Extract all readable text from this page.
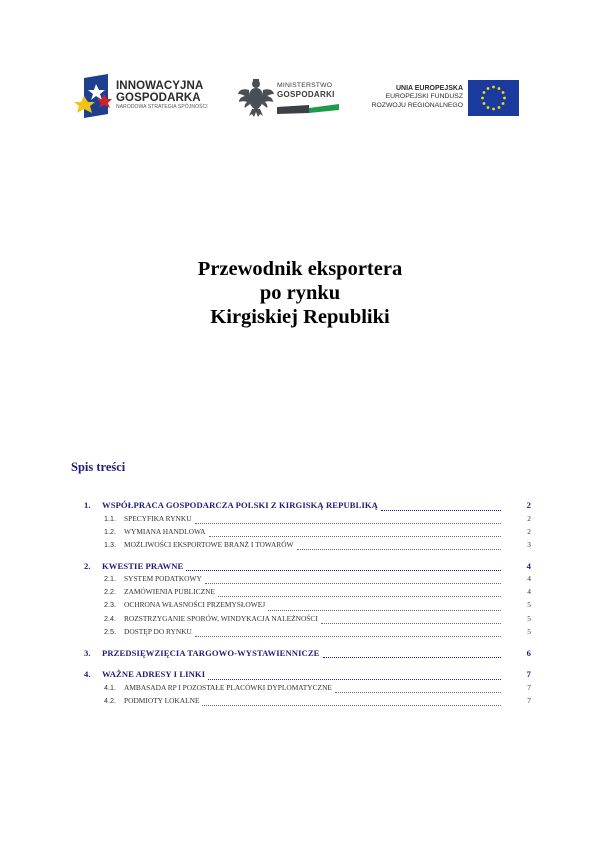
INNOWACYJNA
GOSPODARKA
NARODOWA STRATEGIA SPÓJNOŚCI
MINISTERSTWO
GOSPODARKI
UNIA EUROPEJSKA
EUROPEJSKI FUNDUSZ
ROZWOJU REGIONALNEGO
Przewodnik eksportera
po rynku
Kirgiskiej Republiki
Spis treści
1.	WSPÓŁPRACA GOSPODARCZA POLSKI Z KIRGISKĄ REPUBLIKĄ	2
1.1.	SPECYFIKA RYNKU	2
1.2.	WYMIANA HANDLOWA	2
1.3.	MOŻLIWOŚCI EKSPORTOWE BRANŻ I TOWARÓW	3
2.	KWESTIE PRAWNE	4
2.1.	SYSTEM PODATKOWY	4
2.2.	ZAMÓWIENIA PUBLICZNE	4
2.3.	OCHRONA WŁASNOŚCI PRZEMYSŁOWEJ	5
2.4.	ROZSTRZYGANIE SPORÓW, WINDYKACJA NALEŻNOŚCI	5
2.5.	DOSTĘP DO RYNKU	5
3.	PRZEDSIĘWZIĘCIA TARGOWO-WYSTAWIENNICZE	6
4.	WAŻNE ADRESY I LINKI	7
4.1.	AMBASADA RP I POZOSTAŁE PLACÓWKI DYPLOMATYCZNE	7
4.2.	PODMIOTY LOKALNE	7
